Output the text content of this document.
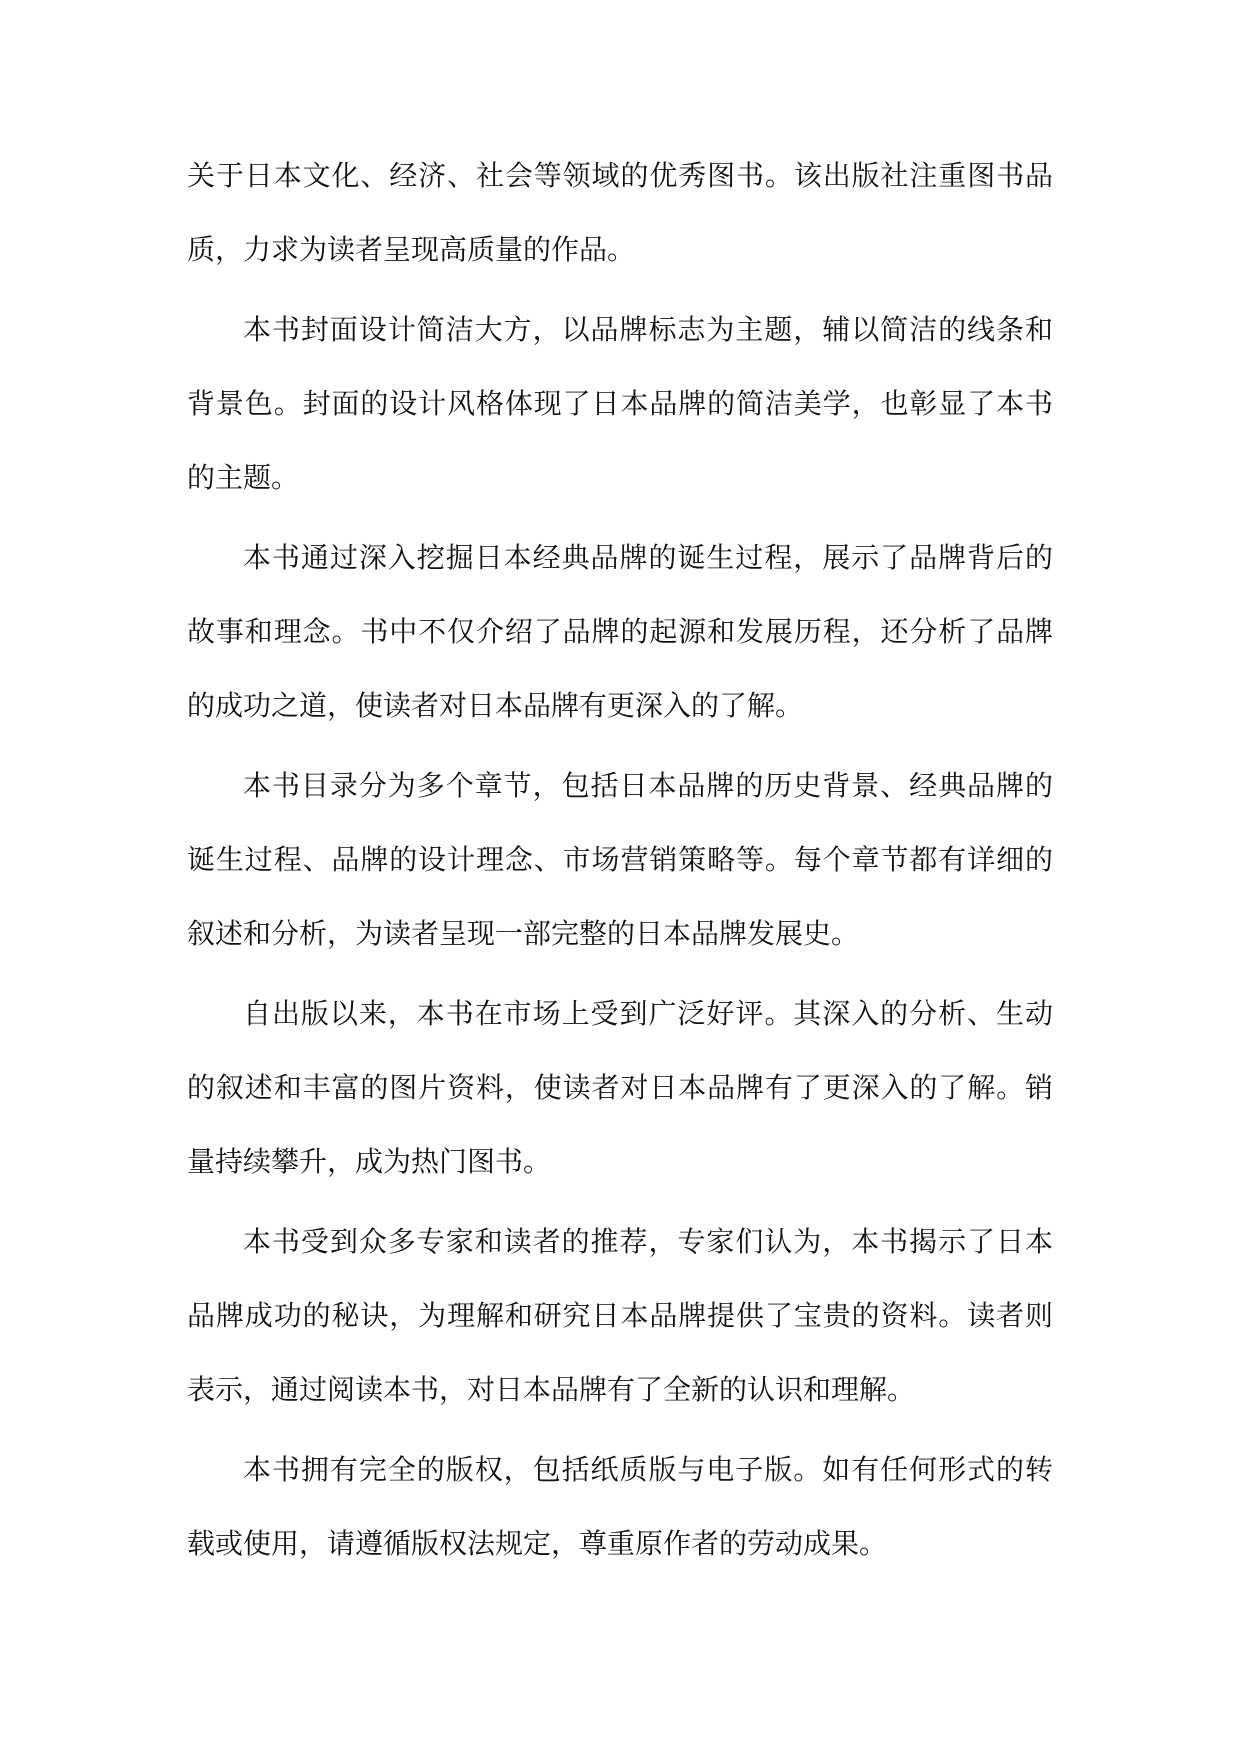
关于日本文化、经济、社会等领域的优秀图书。该出版社注重图书品质，力求为读者呈现高质量的作品。

本书封面设计简洁大方，以品牌标志为主题，辅以简洁的线条和背景色。封面的设计风格体现了日本品牌的简洁美学，也彰显了本书的主题。

本书通过深入挖掘日本经典品牌的诞生过程，展示了品牌背后的故事和理念。书中不仅介绍了品牌的起源和发展历程，还分析了品牌的成功之道，使读者对日本品牌有更深入的了解。

本书目录分为多个章节，包括日本品牌的历史背景、经典品牌的诞生过程、品牌的设计理念、市场营销策略等。每个章节都有详细的叙述和分析，为读者呈现一部完整的日本品牌发展史。

自出版以来，本书在市场上受到广泛好评。其深入的分析、生动的叙述和丰富的图片资料，使读者对日本品牌有了更深入的了解。销量持续攀升，成为热门图书。

本书受到众多专家和读者的推荐，专家们认为，本书揭示了日本品牌成功的秘诀，为理解和研究日本品牌提供了宝贵的资料。读者则表示，通过阅读本书，对日本品牌有了全新的认识和理解。

本书拥有完全的版权，包括纸质版与电子版。如有任何形式的转载或使用，请遵循版权法规定，尊重原作者的劳动成果。
